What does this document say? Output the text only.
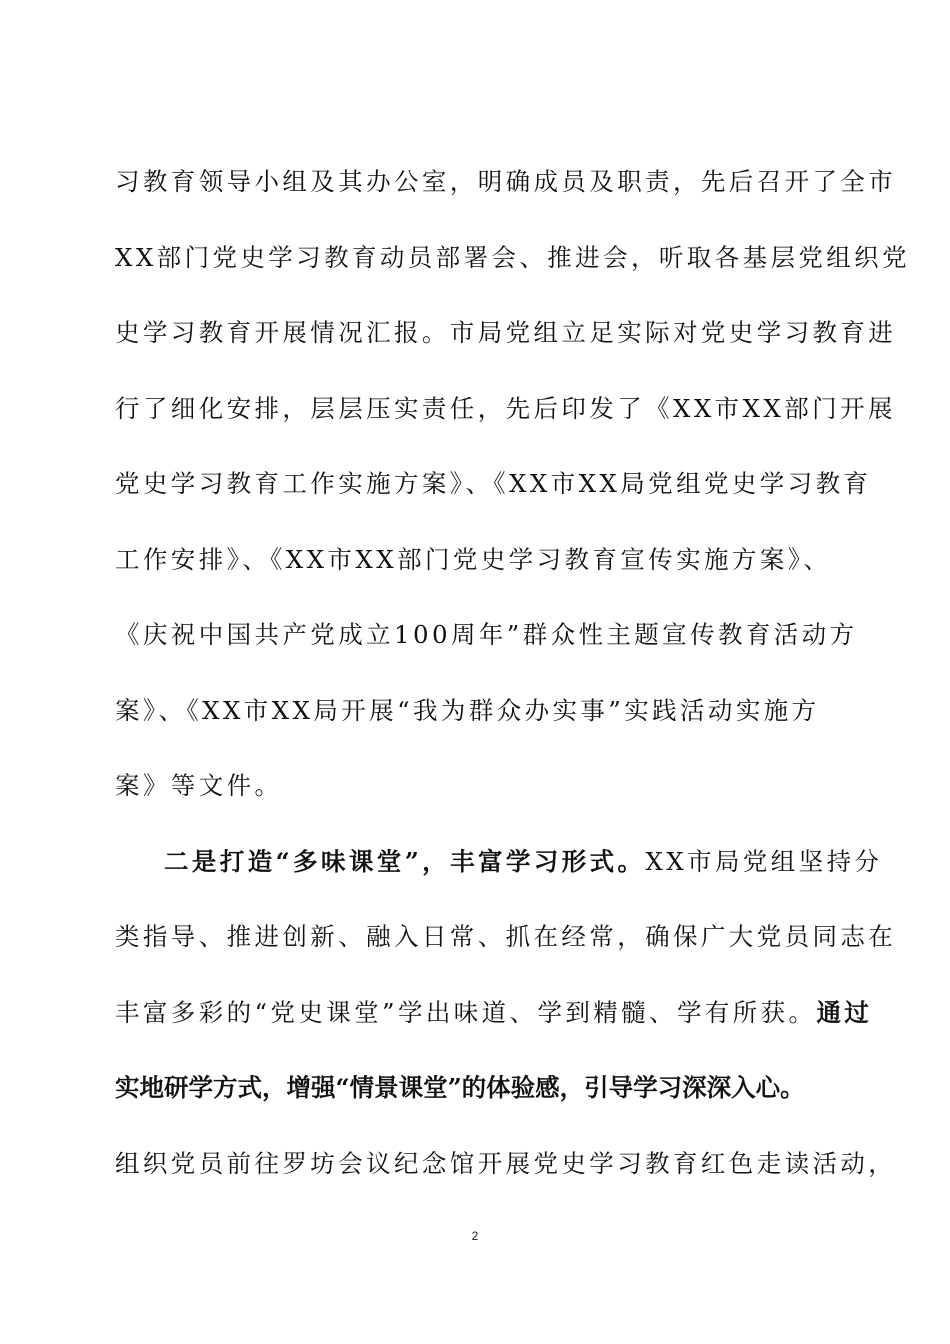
习教育领导小组及其办公室，明确成员及职责，先后召开了全市
XX部门党史学习教育动员部署会、推进会，听取各基层党组织党
史学习教育开展情况汇报。市局党组立足实际对党史学习教育进
行了细化安排，层层压实责任，先后印发了《XX市XX部门开展
党史学习教育工作实施方案》、《XX市XX局党组党史学习教育
工作安排》、《XX市XX部门党史学习教育宣传实施方案》、
《庆祝中国共产党成立100周年”群众性主题宣传教育活动方
案》、《XX市XX局开展“我为群众办实事”实践活动实施方
案》等文件。
二是打造“多味课堂”，丰富学习形式。XX市局党组坚持分
类指导、推进创新、融入日常、抓在经常，确保广大党员同志在
丰富多彩的“党史课堂”学出味道、学到精髓、学有所获。通过
实地研学方式，增强“情景课堂”的体验感，引导学习深深入心。
组织党员前往罗坊会议纪念馆开展党史学习教育红色走读活动，
2
